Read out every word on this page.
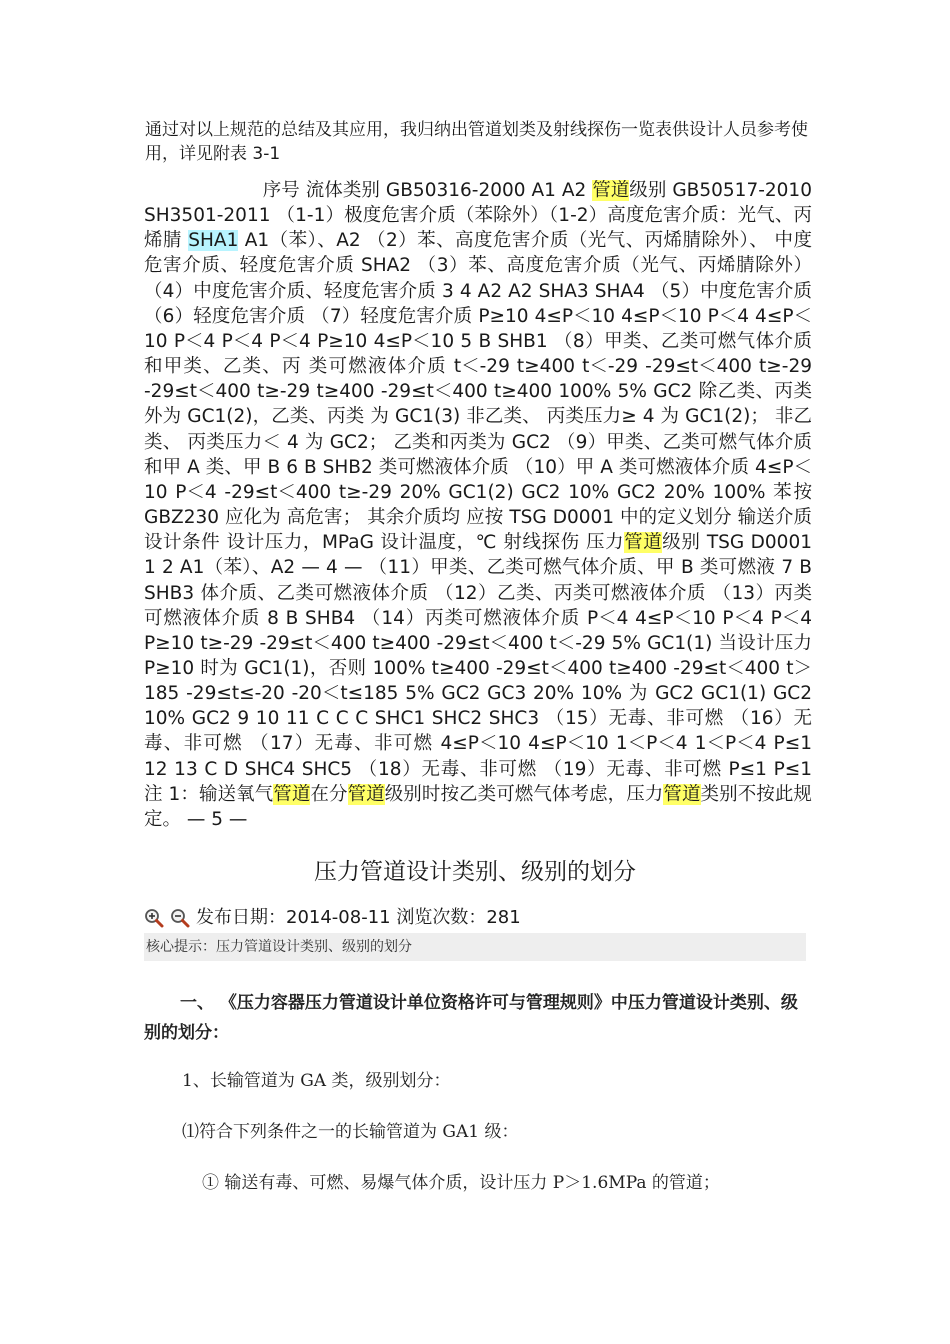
通过对以上规范的总结及其应用，我归纳出管道划类及射线探伤一览表供设计人员参考使用，详见附表 3-1
序号 流体类别 GB50316-2000 A1 A2 管道级别 GB50517-2010 SH3501-2011 （1-1）极度危害介质（苯除外）（1-2）高度危害介质：光气、丙烯腈 SHA1 A1（苯）、A2 （2）苯、高度危害介质（光气、丙烯腈除外）、 中度危害介质、轻度危害介质 SHA2 （3）苯、高度危害介质（光气、丙烯腈除外） （4）中度危害介质、轻度危害介质 3 4 A2 A2 SHA3 SHA4 （5）中度危害介质 （6）轻度危害介质 （7）轻度危害介质 P≥10 4≤P＜10 4≤P＜10 P＜4 4≤P＜10 P＜4 P＜4 P＜4 P≥10 4≤P＜10 5 B SHB1 （8）甲类、乙类可燃气体介质和甲类、乙类、丙 类可燃液体介质 t＜-29 t≥400 t＜-29 -29≤t＜400 t≥-29 -29≤t＜400 t≥-29 t≥400 -29≤t＜400 t≥400 100% 5% GC2 除乙类、丙类外为 GC1(2)，乙类、丙类 为 GC1(3) 非乙类、 丙类压力≥ 4 为 GC1(2)； 非乙类、 丙类压力＜ 4 为 GC2； 乙类和丙类为 GC2 （9）甲类、乙类可燃气体介质和甲 A 类、甲 B 6 B SHB2 类可燃液体介质 （10）甲 A 类可燃液体介质 4≤P＜10 P＜4 -29≤t＜400 t≥-29 20% GC1(2) GC2 10% GC2 20% 100% 苯按 GBZ230 应化为 高危害； 其余介质均 应按 TSG D0001 中的定义划分 输送介质 设计条件 设计压力，MPaG 设计温度，℃ 射线探伤 压力管道级别 TSG D0001 1 2 A1（苯）、A2 — 4 — （11）甲类、乙类可燃气体介质、甲 B 类可燃液 7 B SHB3 体介质、乙类可燃液体介质 （12）乙类、丙类可燃液体介质 （13）丙类可燃液体介质 8 B SHB4 （14）丙类可燃液体介质 P＜4 4≤P＜10 P＜4 P＜4 P≥10 t≥-29 -29≤t＜400 t≥400 -29≤t＜400 t＜-29 5% GC1(1) 当设计压力 P≥10 时为 GC1(1)，否则 100% t≥400 -29≤t＜400 t≥400 -29≤t＜400 t＞185 -29≤t≤-20 -20＜t≤185 5% GC2 GC3 20% 10% 为 GC2 GC1(1) GC2 10% GC2 9 10 11 C C C SHC1 SHC2 SHC3 （15）无毒、非可燃 （16）无毒、非可燃 （17）无毒、非可燃 4≤P＜10 4≤P＜10 1＜P＜4 1＜P＜4 P≤1 12 13 C D SHC4 SHC5 （18）无毒、非可燃 （19）无毒、非可燃 P≤1 P≤1 注 1：输送氧气管道在分管道级别时按乙类可燃气体考虑，压力管道类别不按此规定。 — 5 —
压力管道设计类别、级别的划分
发布日期：2014-08-11 浏览次数：281
核心提示：压力管道设计类别、级别的划分
一、 《压力容器压力管道设计单位资格许可与管理规则》中压力管道设计类别、级别的划分：
1、长输管道为 GA 类，级别划分：
⑴符合下列条件之一的长输管道为 GA1 级：
① 输送有毒、可燃、易爆气体介质，设计压力 P＞1.6MPa 的管道；
